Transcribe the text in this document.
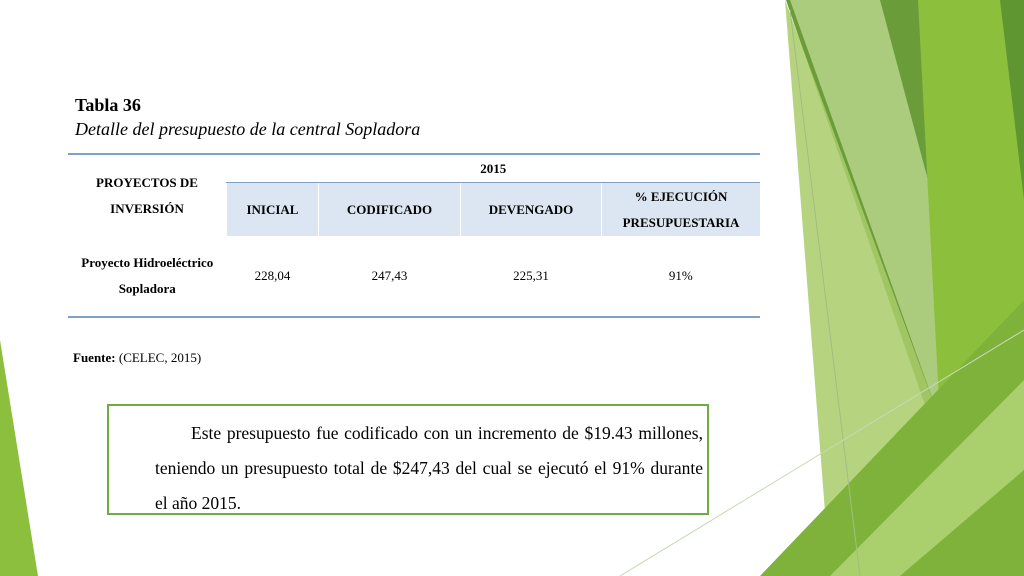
Tabla 36
Detalle del presupuesto de la central Sopladora
PROYECTOS DE INVERSIÓN	2015			
	INICIAL	CODIFICADO	DEVENGADO	% EJECUCIÓN PRESUPUESTARIA
Proyecto Hidroeléctrico Sopladora	228,04	247,43	225,31	91%
Fuente: (CELEC, 2015)

Este presupuesto fue codificado con un incremento de $19.43 millones, teniendo un presupuesto total de $247,43 del cual se ejecutó el 91% durante el año 2015.
